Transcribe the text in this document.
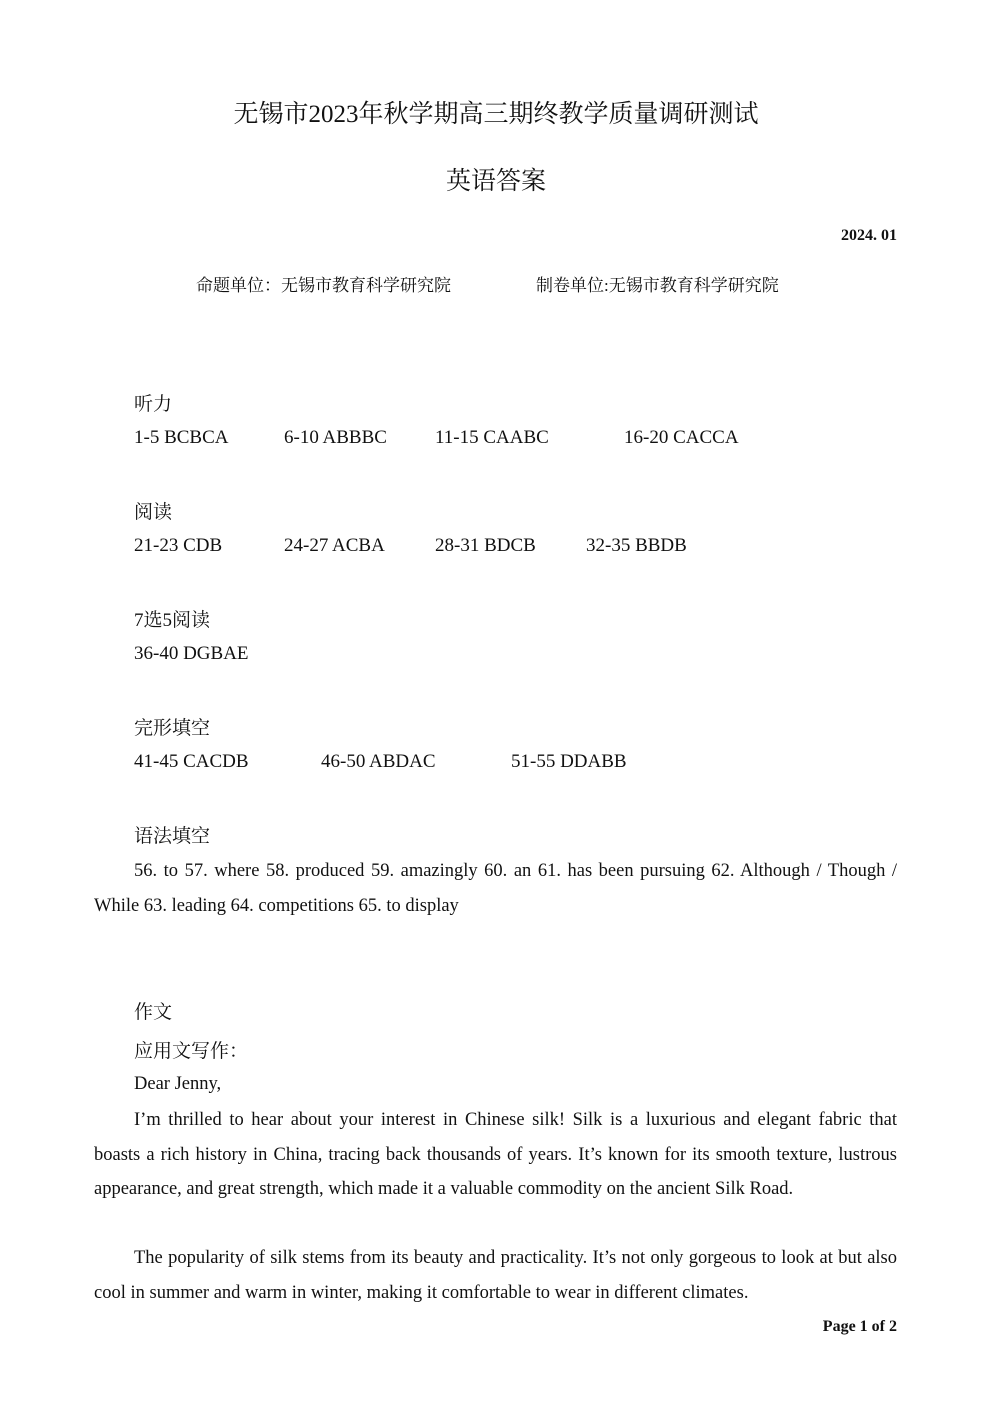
无锡市2023年秋学期高三期终教学质量调研测试
英语答案
2024. 01
命题单位：无锡市教育科学研究院	制卷单位:无锡市教育科学研究院
听力
1-5 BCBCA	6-10 ABBBC	11-15 CAABC	16-20 CACCA
阅读
21-23 CDB	24-27 ACBA	28-31 BDCB	32-35 BBDB
7选5阅读
36-40 DGBAE
完形填空
41-45 CACDB	46-50 ABDAC	51-55 DDABB
语法填空
56. to 57. where 58. produced 59. amazingly 60. an 61. has been pursuing 62. Although / Though / While 63. leading 64. competitions 65. to display
作文
应用文写作：
Dear Jenny,
I’m thrilled to hear about your interest in Chinese silk! Silk is a luxurious and elegant fabric that boasts a rich history in China, tracing back thousands of years. It’s known for its smooth texture, lustrous appearance, and great strength, which made it a valuable commodity on the ancient Silk Road.
The popularity of silk stems from its beauty and practicality. It’s not only gorgeous to look at but also cool in summer and warm in winter, making it comfortable to wear in different climates.
Page 1 of 2
